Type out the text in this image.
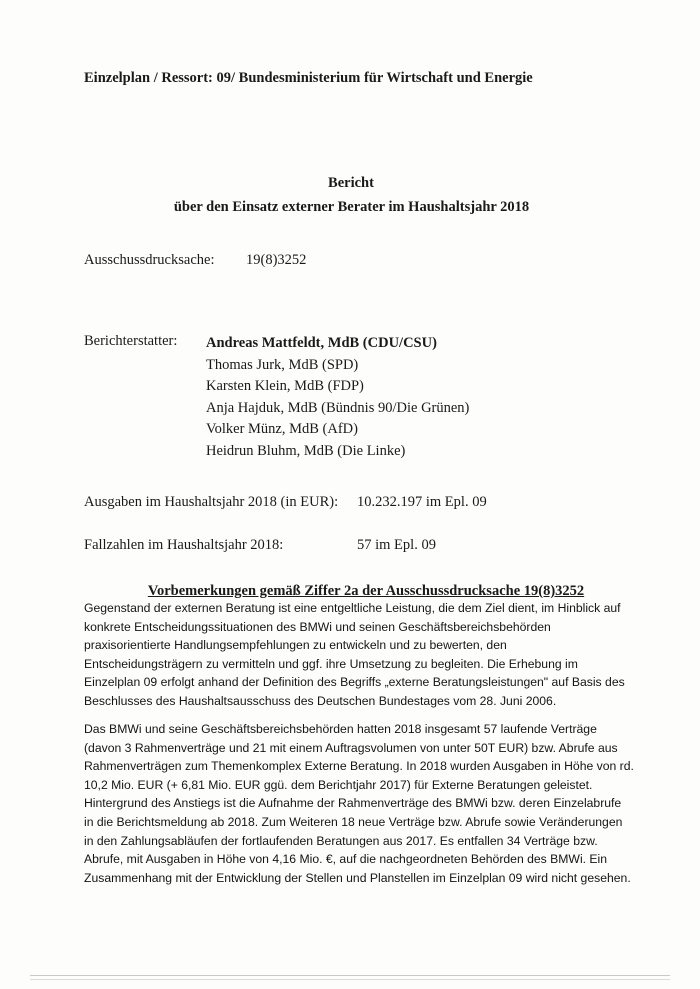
Einzelplan / Ressort: 09/ Bundesministerium für Wirtschaft und Energie
Bericht
über den Einsatz externer Berater im Haushaltsjahr 2018
Ausschussdrucksache: 19(8)3252
Berichterstatter: Andreas Mattfeldt, MdB (CDU/CSU)
Thomas Jurk, MdB (SPD)
Karsten Klein, MdB (FDP)
Anja Hajduk, MdB (Bündnis 90/Die Grünen)
Volker Münz, MdB (AfD)
Heidrun Bluhm, MdB (Die Linke)
Ausgaben im Haushaltsjahr 2018 (in EUR): 10.232.197 im Epl. 09
Fallzahlen im Haushaltsjahr 2018:	57 im Epl. 09
Vorbemerkungen gemäß Ziffer 2a der Ausschussdrucksache 19(8)3252
Gegenstand der externen Beratung ist eine entgeltliche Leistung, die dem Ziel dient, im Hinblick auf
konkrete Entscheidungssituationen des BMWi und seinen Geschäftsbereichsbehörden
praxisorientierte Handlungsempfehlungen zu entwickeln und zu bewerten, den
Entscheidungsträgern zu vermitteln und ggf. ihre Umsetzung zu begleiten. Die Erhebung im
Einzelplan 09 erfolgt anhand der Definition des Begriffs „externe Beratungsleistungen" auf Basis des
Beschlusses des Haushaltsausschuss des Deutschen Bundestages vom 28. Juni 2006.
Das BMWi und seine Geschäftsbereichsbehörden hatten 2018 insgesamt 57 laufende Verträge
(davon 3 Rahmenverträge und 21 mit einem Auftragsvolumen von unter 50T EUR) bzw. Abrufe aus
Rahmenverträgen zum Themenkomplex Externe Beratung. In 2018 wurden Ausgaben in Höhe von rd.
10,2 Mio. EUR (+ 6,81 Mio. EUR ggü. dem Berichtjahr 2017) für Externe Beratungen geleistet.
Hintergrund des Anstiegs ist die Aufnahme der Rahmenverträge des BMWi bzw. deren Einzelabrufe
in die Berichtsmeldung ab 2018. Zum Weiteren 18 neue Verträge bzw. Abrufe sowie Veränderungen
in den Zahlungsabläufen der fortlaufenden Beratungen aus 2017. Es entfallen 34 Verträge bzw.
Abrufe, mit Ausgaben in Höhe von 4,16 Mio. €, auf die nachgeordneten Behörden des BMWi. Ein
Zusammenhang mit der Entwicklung der Stellen und Planstellen im Einzelplan 09 wird nicht gesehen.
